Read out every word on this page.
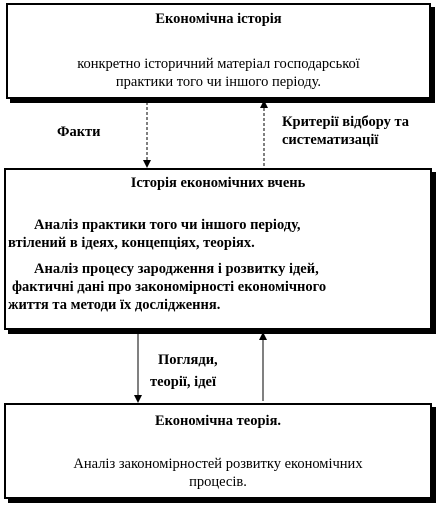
Економічна історія
конкретно історичний матеріал господарської
практики того чи іншого періоду.
Історія економічних вчень
Аналіз практики того чи іншого періоду,
втілений в ідеях, концепціях, теоріях.
Аналіз процесу зародження і розвитку ідей,
фактичні дані про закономірності економічного
життя та методи їх дослідження.
Економічна теорія.
Аналіз закономірностей розвитку економічних
процесів.
Факти
Критерії відбору та
систематизації
Погляди,
теорії, ідеї
